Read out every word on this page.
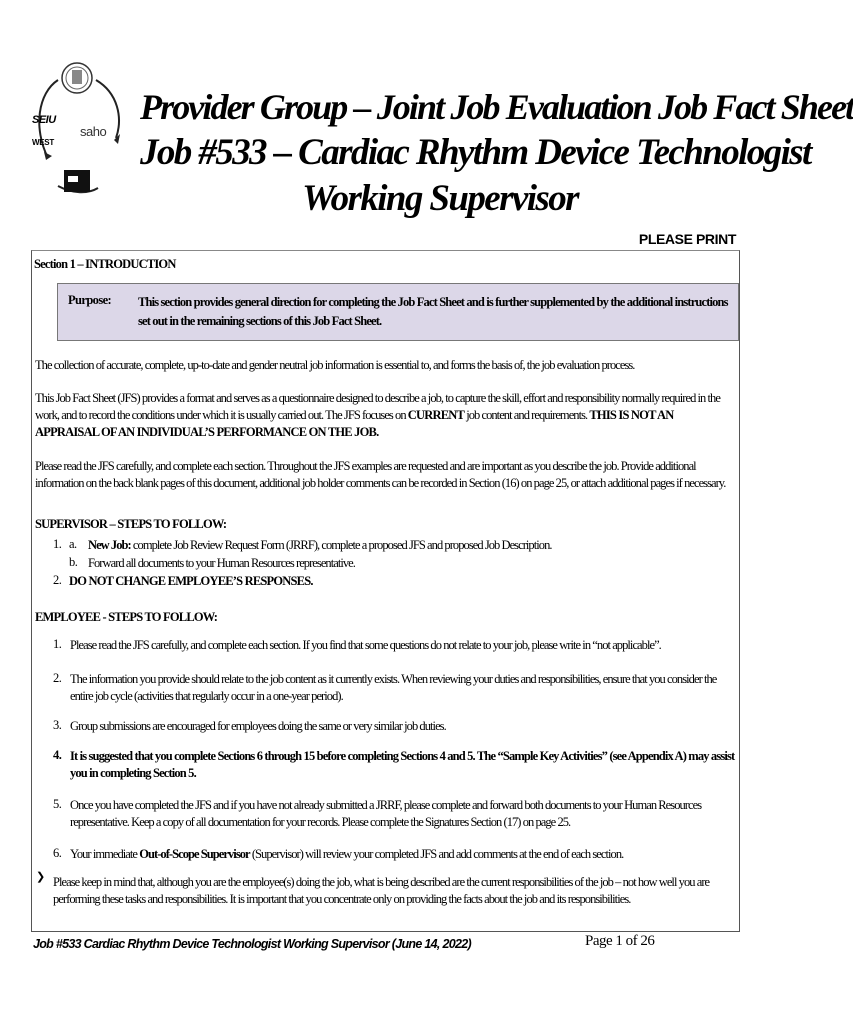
SEIU
WEST
saho
Provider Group – Joint Job Evaluation Job Fact Sheet
Job #533 – Cardiac Rhythm Device Technologist
Working Supervisor
PLEASE PRINT
Section 1 – INTRODUCTION
Purpose: This section provides general direction for completing the Job Fact Sheet and is further supplemented by the additional instructions set out in the remaining sections of this Job Fact Sheet.
The collection of accurate, complete, up-to-date and gender neutral job information is essential to, and forms the basis of, the job evaluation process.
This Job Fact Sheet (JFS) provides a format and serves as a questionnaire designed to describe a job, to capture the skill, effort and responsibility normally required in the work, and to record the conditions under which it is usually carried out. The JFS focuses on CURRENT job content and requirements. THIS IS NOT AN APPRAISAL OF AN INDIVIDUAL’S PERFORMANCE ON THE JOB.
Please read the JFS carefully, and complete each section. Throughout the JFS examples are requested and are important as you describe the job. Provide additional information on the back blank pages of this document, additional job holder comments can be recorded in Section (16) on page 25, or attach additional pages if necessary.
SUPERVISOR – STEPS TO FOLLOW:
1. a. New Job: complete Job Review Request Form (JRRF), complete a proposed JFS and proposed Job Description.
b. Forward all documents to your Human Resources representative.
2. DO NOT CHANGE EMPLOYEE’S RESPONSES.
EMPLOYEE - STEPS TO FOLLOW:
1. Please read the JFS carefully, and complete each section. If you find that some questions do not relate to your job, please write in “not applicable”.
2. The information you provide should relate to the job content as it currently exists. When reviewing your duties and responsibilities, ensure that you consider the entire job cycle (activities that regularly occur in a one-year period).
3. Group submissions are encouraged for employees doing the same or very similar job duties.
4. It is suggested that you complete Sections 6 through 15 before completing Sections 4 and 5. The “Sample Key Activities” (see Appendix A) may assist you in completing Section 5.
5. Once you have completed the JFS and if you have not already submitted a JRRF, please complete and forward both documents to your Human Resources representative. Keep a copy of all documentation for your records. Please complete the Signatures Section (17) on page 25.
6. Your immediate Out-of-Scope Supervisor (Supervisor) will review your completed JFS and add comments at the end of each section.
❯ Please keep in mind that, although you are the employee(s) doing the job, what is being described are the current responsibilities of the job – not how well you are performing these tasks and responsibilities. It is important that you concentrate only on providing the facts about the job and its responsibilities.
Job #533 Cardiac Rhythm Device Technologist Working Supervisor (June 14, 2022)	Page 1 of 26
